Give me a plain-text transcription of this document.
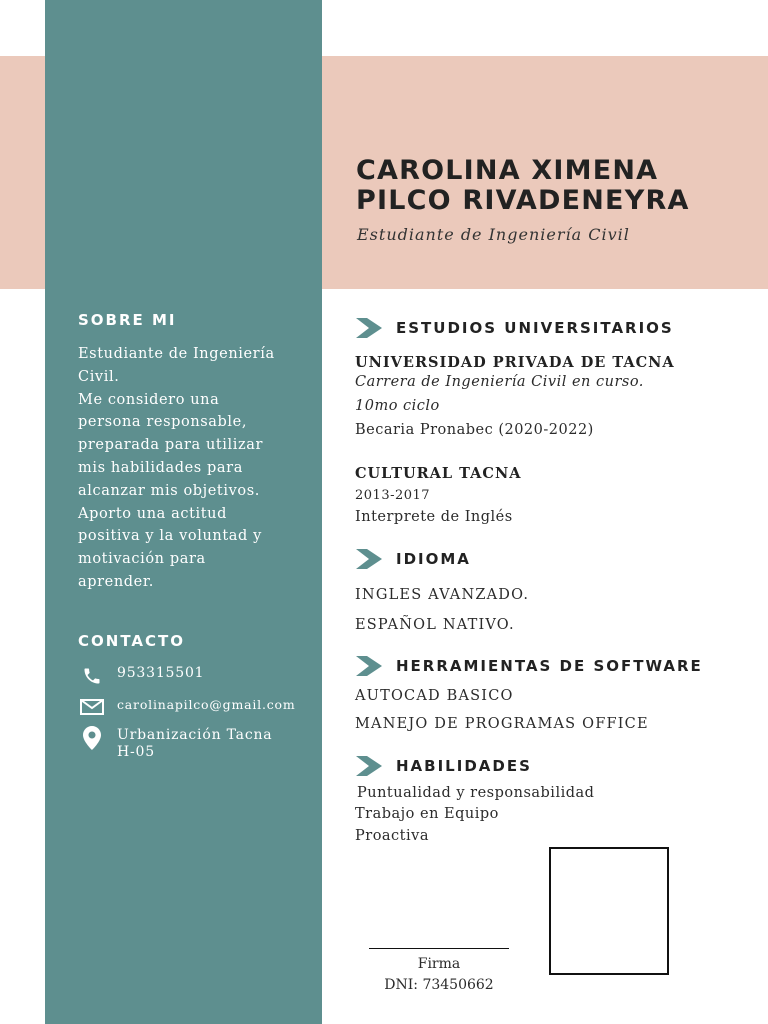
CAROLINA XIMENA
PILCO RIVADENEYRA
Estudiante de Ingeniería Civil
SOBRE MI
Estudiante de Ingeniería
Civil.
Me considero una
persona responsable,
preparada para utilizar
mis habilidades para
alcanzar mis objetivos.
Aporto una actitud
positiva y la voluntad y
motivación para
aprender.
CONTACTO
953315501
carolinapilco@gmail.com
Urbanización Tacna
H-05
ESTUDIOS UNIVERSITARIOS
UNIVERSIDAD PRIVADA DE TACNA
Carrera de Ingeniería Civil en curso.
10mo ciclo
Becaria Pronabec (2020-2022)
CULTURAL TACNA
2013-2017
Interprete de Inglés
IDIOMA
INGLES AVANZADO.
ESPAÑOL NATIVO.
HERRAMIENTAS DE SOFTWARE
AUTOCAD BASICO
MANEJO DE PROGRAMAS OFFICE
HABILIDADES
Puntualidad y responsabilidad
Trabajo en Equipo
Proactiva
Firma
DNI: 73450662
